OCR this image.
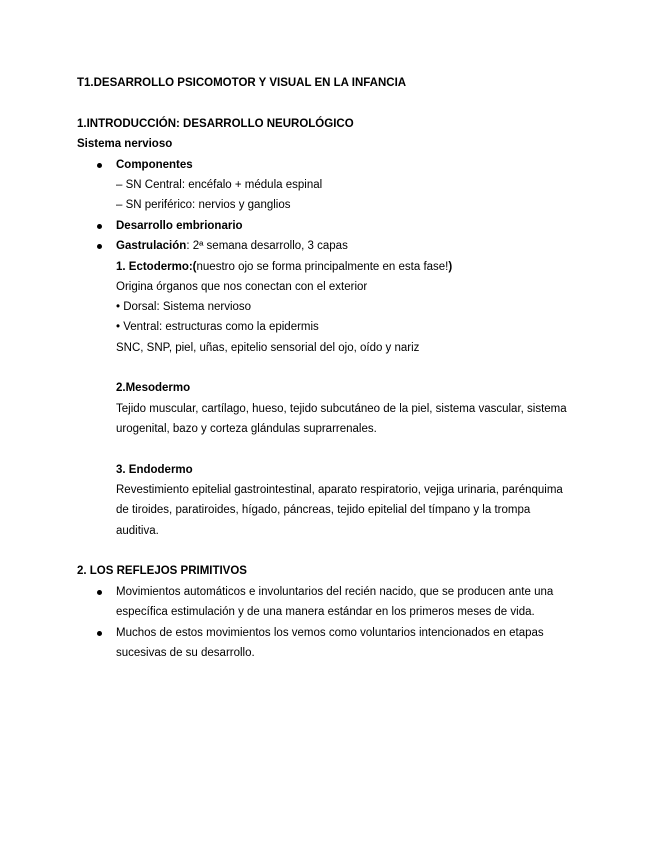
T1.DESARROLLO PSICOMOTOR Y VISUAL EN LA INFANCIA
1.INTRODUCCIÓN: DESARROLLO NEUROLÓGICO
Sistema nervioso
Componentes
– SN Central: encéfalo + médula espinal
– SN periférico: nervios y ganglios
Desarrollo embrionario
Gastrulación: 2ª semana desarrollo, 3 capas
1. Ectodermo:(nuestro ojo se forma principalmente en esta fase!)
Origina órganos que nos conectan con el exterior
• Dorsal: Sistema nervioso
• Ventral: estructuras como la epidermis
SNC, SNP, piel, uñas, epitelio sensorial del ojo, oído y nariz
2.Mesodermo
Tejido muscular, cartílago, hueso, tejido subcutáneo de la piel, sistema vascular, sistema
urogenital, bazo y corteza glándulas suprarrenales.
3. Endodermo
Revestimiento epitelial gastrointestinal, aparato respiratorio, vejiga urinaria, parénquima
de tiroides, paratiroides, hígado, páncreas, tejido epitelial del tímpano y la trompa
auditiva.
2. LOS REFLEJOS PRIMITIVOS
Movimientos automáticos e involuntarios del recién nacido, que se producen ante una
específica estimulación y de una manera estándar en los primeros meses de vida.
Muchos de estos movimientos los vemos como voluntarios intencionados en etapas
sucesivas de su desarrollo.
